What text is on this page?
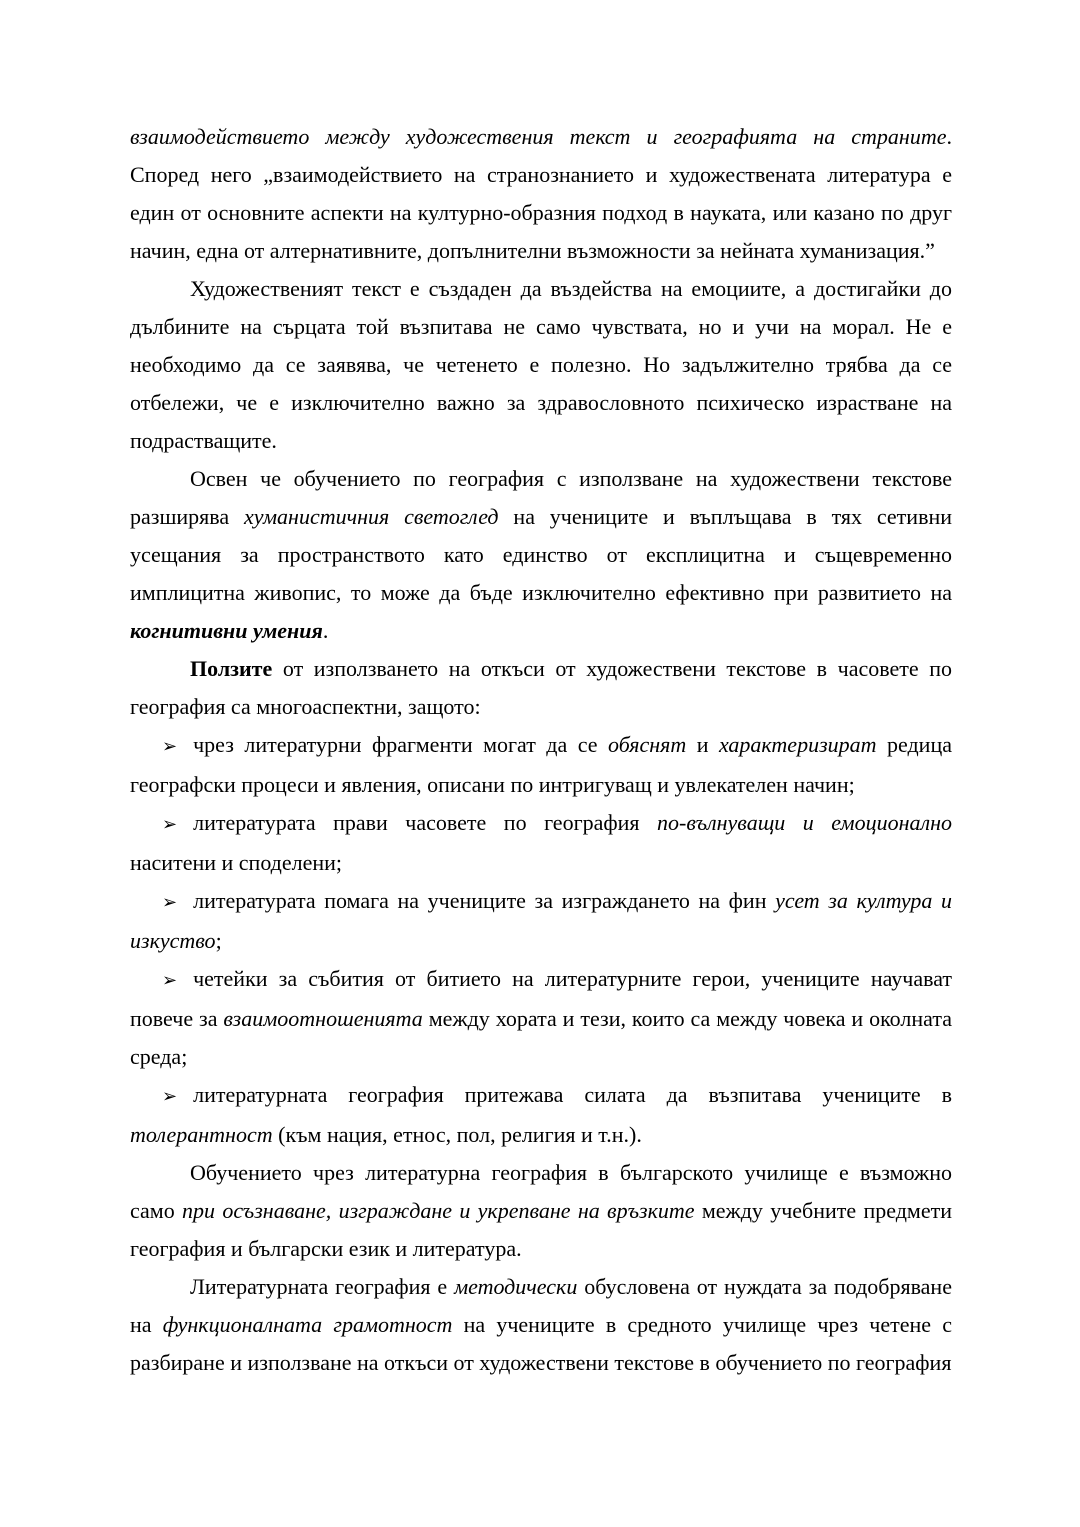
взаимодействието между художествения текст и географията на страните. Според него „взаимодействието на странознанието и художествената литература е един от основните аспекти на културно-образния подход в науката, или казано по друг начин, една от алтернативните, допълнителни възможности за нейната хуманизация.”

Художественият текст е създаден да въздейства на емоциите, а достигайки до дълбините на сърцата той възпитава не само чувствата, но и учи на морал. Не е необходимо да се заявява, че четенето е полезно. Но задължително трябва да се отбележи, че е изключително важно за здравословното психическо израстване на подрастващите.

Освен че обучението по география с използване на художествени текстове разширява хуманистичния светоглед на учениците и въплъщава в тях сетивни усещания за пространството като единство от експлицитна и същевременно имплицитна живопис, то може да бъде изключително ефективно при развитието на когнитивни умения.

Ползите от използването на откъси от художествени текстове в часовете по география са многоаспектни, защото:

➢ чрез литературни фрагменти могат да се обяснят и характеризират редица географски процеси и явления, описани по интригуващ и увлекателен начин;

➢ литературата прави часовете по география по-вълнуващи и емоционално наситени и споделени;

➢ литературата помага на учениците за изграждането на фин усет за култура и изкуство;

➢ четейки за събития от битието на литературните герои, учениците научават повече за взаимоотношенията между хората и тези, които са между човека и околната среда;

➢ литературната география притежава силата да възпитава учениците в толерантност (към нация, етнос, пол, религия и т.н.).

Обучението чрез литературна география в българското училище е възможно само при осъзнаване, изграждане и укрепване на връзките между учебните предмети география и български език и литература.

Литературната география е методически обусловена от нуждата за подобряване на функционалната грамотност на учениците в средното училище чрез четене с разбиране и използване на откъси от художествени текстове в обучението по география
